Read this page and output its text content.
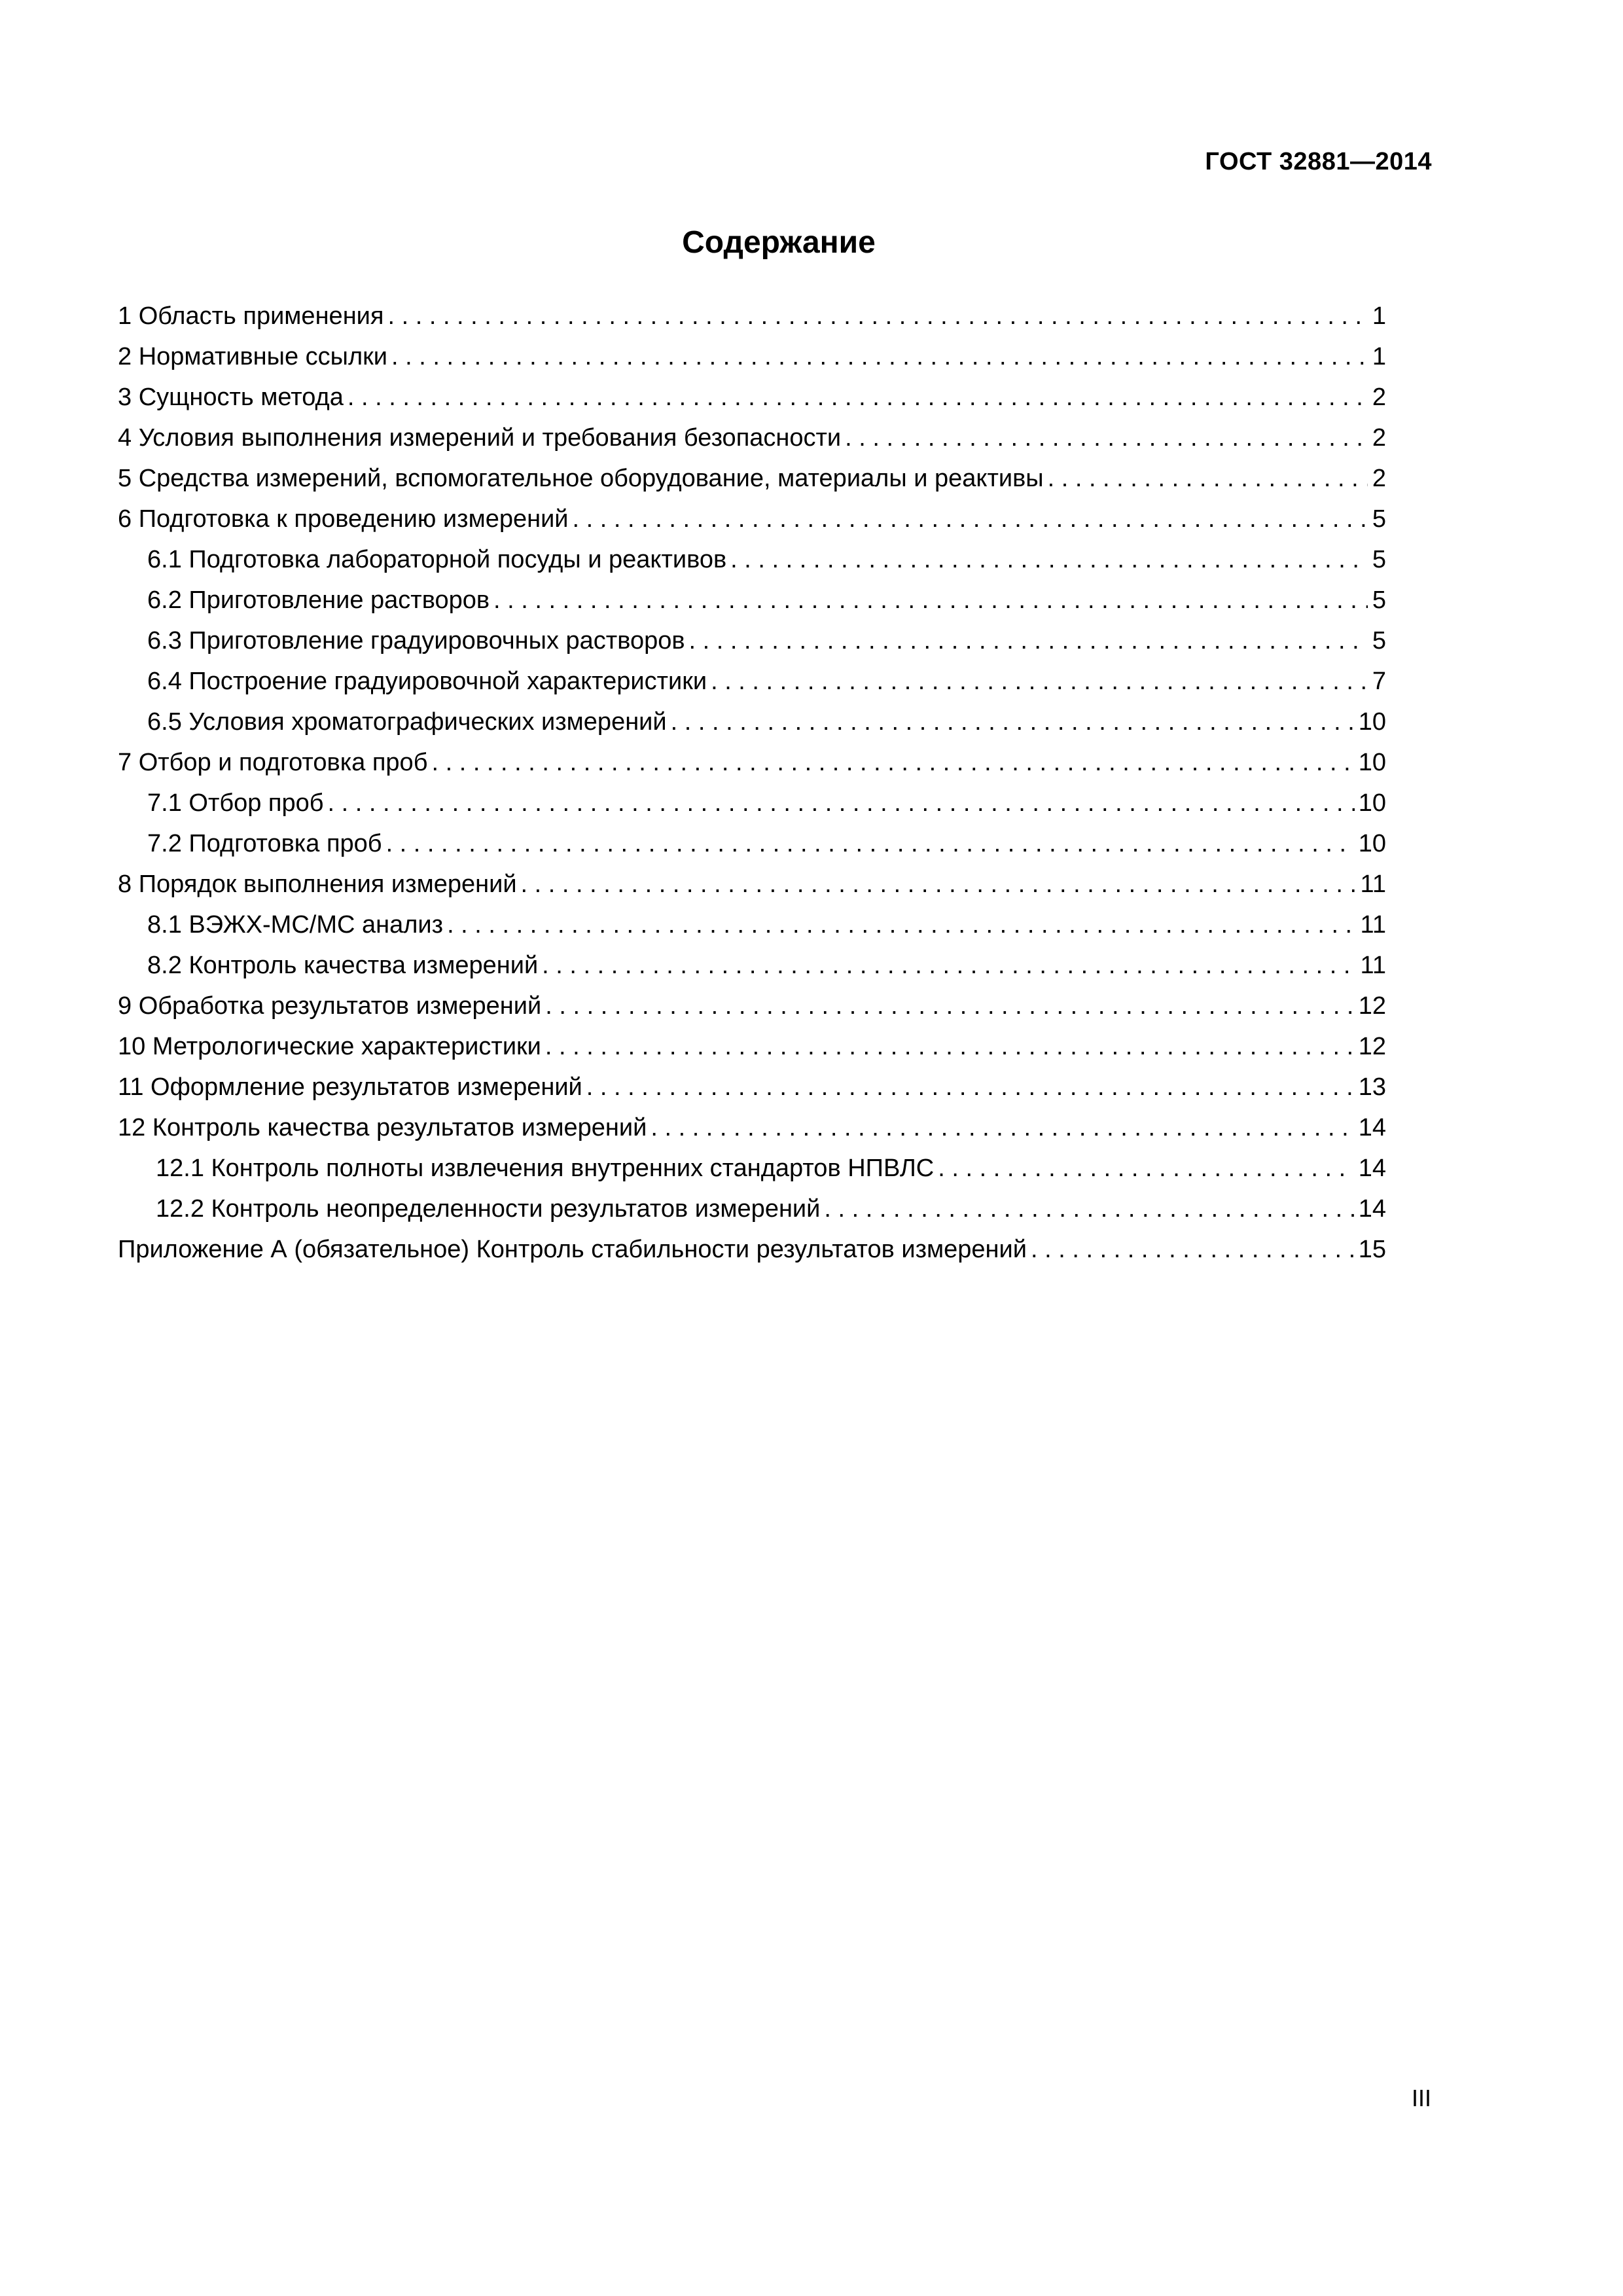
ГОСТ 32881—2014
Содержание
1 Область применения . . .	1
2 Нормативные ссылки . . .	1
3 Сущность метода . . .	2
4 Условия выполнения измерений и требования безопасности . . .	2
5 Средства измерений, вспомогательное оборудование, материалы и реактивы . . .	2
6 Подготовка к проведению измерений . . .	5
6.1 Подготовка лабораторной посуды и реактивов . . .	5
6.2 Приготовление растворов . . .	5
6.3 Приготовление градуировочных растворов . . .	5
6.4 Построение градуировочной характеристики . . .	7
6.5 Условия хроматографических измерений . . .	10
7 Отбор и подготовка проб . . .	10
7.1 Отбор проб . . .	10
7.2 Подготовка проб . . .	10
8 Порядок выполнения измерений . . .	11
8.1 ВЭЖХ-МС/МС анализ . . .	11
8.2 Контроль качества измерений . . .	11
9 Обработка результатов измерений . . .	12
10 Метрологические характеристики . . .	12
11 Оформление результатов измерений . . .	13
12 Контроль качества результатов измерений . . .	14
12.1 Контроль полноты извлечения внутренних стандартов НПВЛС . . .	14
12.2 Контроль неопределенности результатов измерений . . .	14
Приложение А (обязательное) Контроль стабильности результатов измерений . . .	15
III
